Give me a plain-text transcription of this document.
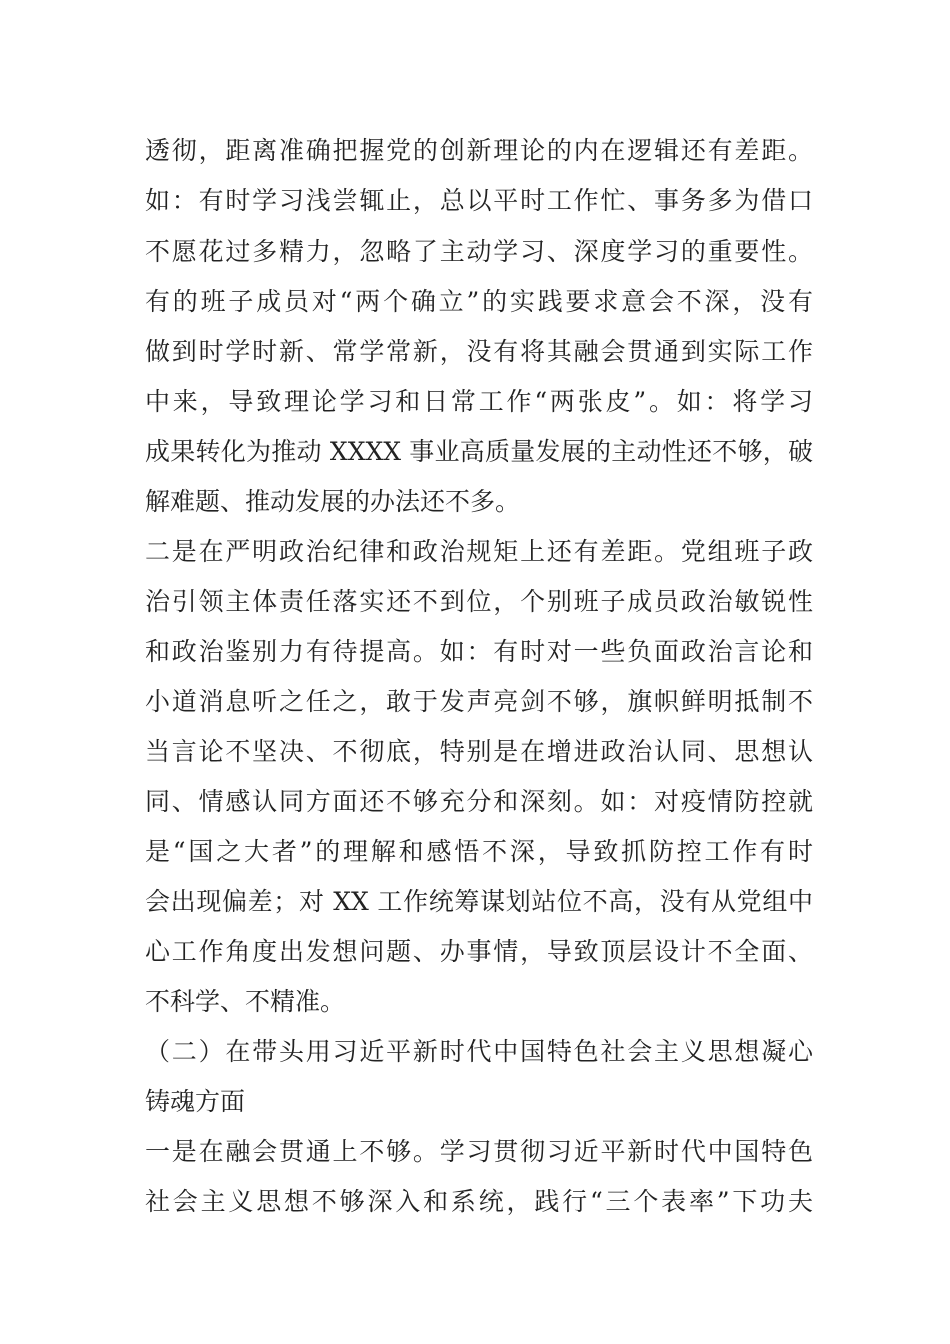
透彻，距离准确把握党的创新理论的内在逻辑还有差距。
如：有时学习浅尝辄止，总以平时工作忙、事务多为借口
不愿花过多精力，忽略了主动学习、深度学习的重要性。
有的班子成员对“两个确立”的实践要求意会不深，没有
做到时学时新、常学常新，没有将其融会贯通到实际工作
中来，导致理论学习和日常工作“两张皮”。如：将学习
成果转化为推动 XXXX 事业高质量发展的主动性还不够，破
解难题、推动发展的办法还不多。
二是在严明政治纪律和政治规矩上还有差距。党组班子政
治引领主体责任落实还不到位，个别班子成员政治敏锐性
和政治鉴别力有待提高。如：有时对一些负面政治言论和
小道消息听之任之，敢于发声亮剑不够，旗帜鲜明抵制不
当言论不坚决、不彻底，特别是在增进政治认同、思想认
同、情感认同方面还不够充分和深刻。如：对疫情防控就
是“国之大者”的理解和感悟不深，导致抓防控工作有时
会出现偏差；对 XX 工作统筹谋划站位不高，没有从党组中
心工作角度出发想问题、办事情，导致顶层设计不全面、
不科学、不精准。
（二）在带头用习近平新时代中国特色社会主义思想凝心
铸魂方面
一是在融会贯通上不够。学习贯彻习近平新时代中国特色
社会主义思想不够深入和系统，践行“三个表率”下功夫
